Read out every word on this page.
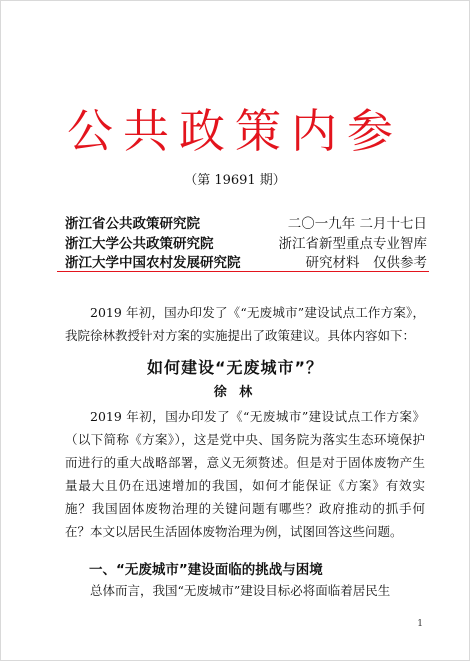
公共政策内参
（第 19691 期）
浙江省公共政策研究院	二〇一九年 二月十七日
浙江大学公共政策研究院	浙江省新型重点专业智库
浙江大学中国农村发展研究院	研究材料　仅供参考

2019 年初，国办印发了《“无废城市”建设试点工作方案》，我院徐林教授针对方案的实施提出了政策建议。具体内容如下：

如何建设“无废城市”？
徐 林

2019 年初，国办印发了《“无废城市”建设试点工作方案》（以下简称《方案》），这是党中央、国务院为落实生态环境保护而进行的重大战略部署，意义无须赘述。但是对于固体废物产生量最大且仍在迅速增加的我国，如何才能保证《方案》有效实施？我国固体废物治理的关键问题有哪些？政府推动的抓手何在？本文以居民生活固体废物治理为例，试图回答这些问题。

一、“无废城市”建设面临的挑战与困境

总体而言，我国“无废城市”建设目标必将面临着居民生

1
